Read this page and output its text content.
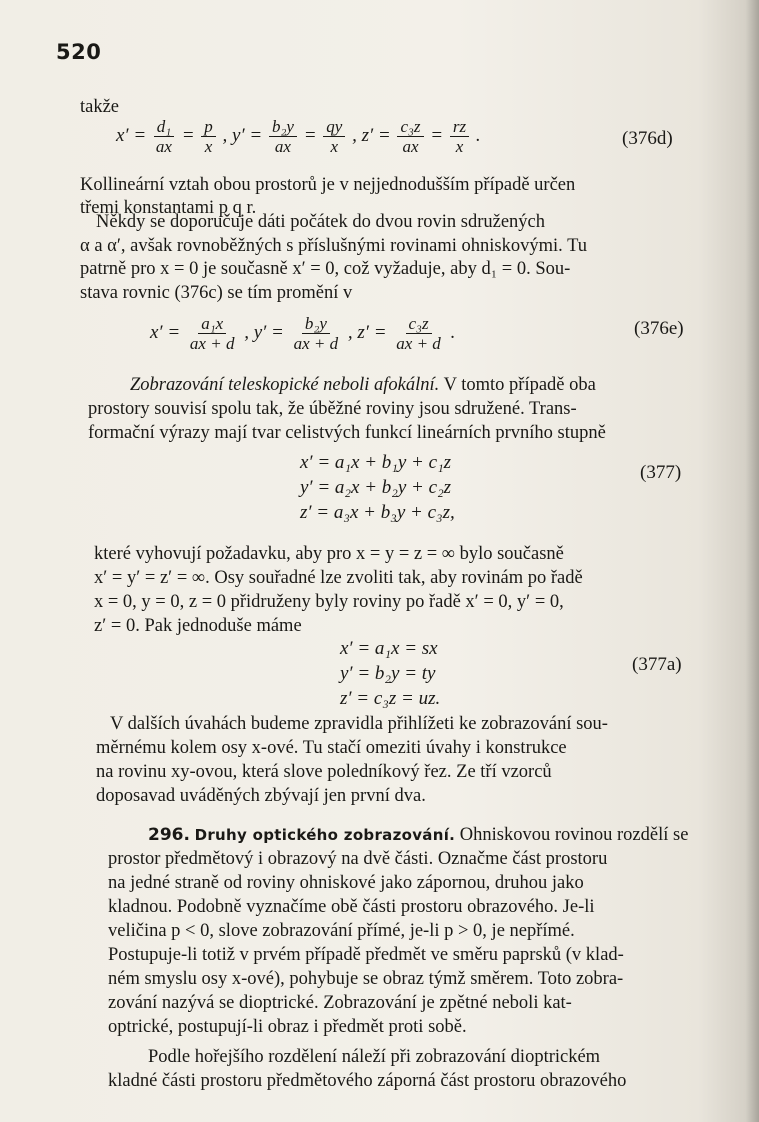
520
takže
$x' = \frac{\text{d₁}}{ax} = \frac{p}{x}$ , $y' = \frac{\text{b₂y}}{ax} = \frac{qy}{x}$ , $z' = \frac{\text{c₃z}}{ax} = \frac{rz}{x}$ .	(376d)
Kollineární vztah obou prostorů je v nejjednodušším případě určen
třemi konstantami p q r.
Někdy se doporučuje dáti počátek do dvou rovin sdružených
α a α′, avšak rovnoběžných s příslušnými rovinami ohniskovými. Tu
patrně pro x = 0 je současně x′ = 0, což vyžaduje, aby d₁ = 0. Sou-
stava rovnic (376c) se tím promění v
$x' = \frac{\text{a₁x}}{ax + d}$ , $y' = \frac{\text{b₂y}}{ax + d}$ , $z' = \frac{\text{c₃z}}{ax + d}$ .	(376e)
Zobrazování teleskopické neboli afokální. V tomto případě oba
prostory souvisí spolu tak, že úběžné roviny jsou sdružené. Trans-
formační výrazy mají tvar celistvých funkcí lineárních prvního stupně
x′ = a₁x + b₁y + c₁z
y′ = a₂x + b₂y + c₂z
z′ = a₃x + b₃y + c₃z,
(377)
které vyhovují požadavku, aby pro x = y = z = ∞ bylo současně
x′ = y′ = z′ = ∞. Osy souřadné lze zvoliti tak, aby rovinám po řadě
x = 0, y = 0, z = 0 přidruženy byly roviny po řadě x′ = 0, y′ = 0,
z′ = 0. Pak jednoduše máme
x′ = a₁x = sx
y′ = b₂y = ty
z′ = c₃z = uz.
(377a)
V dalších úvahách budeme zpravidla přihlížeti ke zobrazování sou-
měrnému kolem osy x-ové. Tu stačí omeziti úvahy i konstrukce
na rovinu xy-ovou, která slove poledníkový řez. Ze tří vzorců
doposavad uváděných zbývají jen první dva.
296. Druhy optického zobrazování. Ohniskovou rovinou rozdělí se
prostor předmětový i obrazový na dvě části. Označme část prostoru
na jedné straně od roviny ohniskové jako zápornou, druhou jako
kladnou. Podobně vyznačíme obě části prostoru obrazového. Je-li
veličina p < 0, slove zobrazování přímé, je-li p > 0, je nepřímé.
Postupuje-li totiž v prvém případě předmět ve směru paprsků (v klad-
ném smyslu osy x-ové), pohybuje se obraz týmž směrem. Toto zobra-
zování nazývá se dioptrické. Zobrazování je zpětné neboli kat-
optrické, postupují-li obraz i předmět proti sobě.
Podle hořejšího rozdělení náleží při zobrazování dioptrickém
kladné části prostoru předmětového záporná část prostoru obrazového
